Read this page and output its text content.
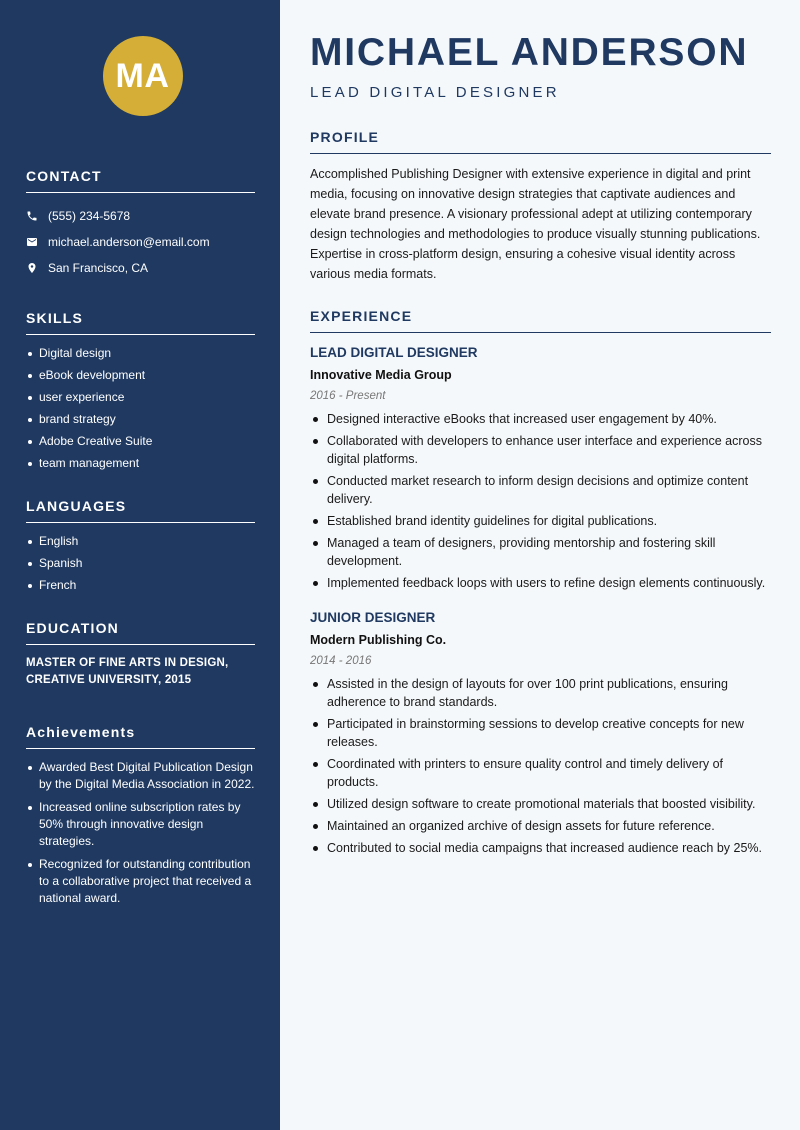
MA
CONTACT
(555) 234-5678
michael.anderson@email.com
San Francisco, CA
SKILLS
Digital design
eBook development
user experience
brand strategy
Adobe Creative Suite
team management
LANGUAGES
English
Spanish
French
EDUCATION
MASTER OF FINE ARTS IN DESIGN, CREATIVE UNIVERSITY, 2015
Achievements
Awarded Best Digital Publication Design by the Digital Media Association in 2022.
Increased online subscription rates by 50% through innovative design strategies.
Recognized for outstanding contribution to a collaborative project that received a national award.
MICHAEL ANDERSON
LEAD DIGITAL DESIGNER
PROFILE

Accomplished Publishing Designer with extensive experience in digital and print media, focusing on innovative design strategies that captivate audiences and elevate brand presence. A visionary professional adept at utilizing contemporary design technologies and methodologies to produce visually stunning publications. Expertise in cross-platform design, ensuring a cohesive visual identity across various media formats.

EXPERIENCE
LEAD DIGITAL DESIGNER
Innovative Media Group
2016 - Present
Designed interactive eBooks that increased user engagement by 40%.
Collaborated with developers to enhance user interface and experience across digital platforms.
Conducted market research to inform design decisions and optimize content delivery.
Established brand identity guidelines for digital publications.
Managed a team of designers, providing mentorship and fostering skill development.
Implemented feedback loops with users to refine design elements continuously.
JUNIOR DESIGNER
Modern Publishing Co.
2014 - 2016
Assisted in the design of layouts for over 100 print publications, ensuring adherence to brand standards.
Participated in brainstorming sessions to develop creative concepts for new releases.
Coordinated with printers to ensure quality control and timely delivery of products.
Utilized design software to create promotional materials that boosted visibility.
Maintained an organized archive of design assets for future reference.
Contributed to social media campaigns that increased audience reach by 25%.
